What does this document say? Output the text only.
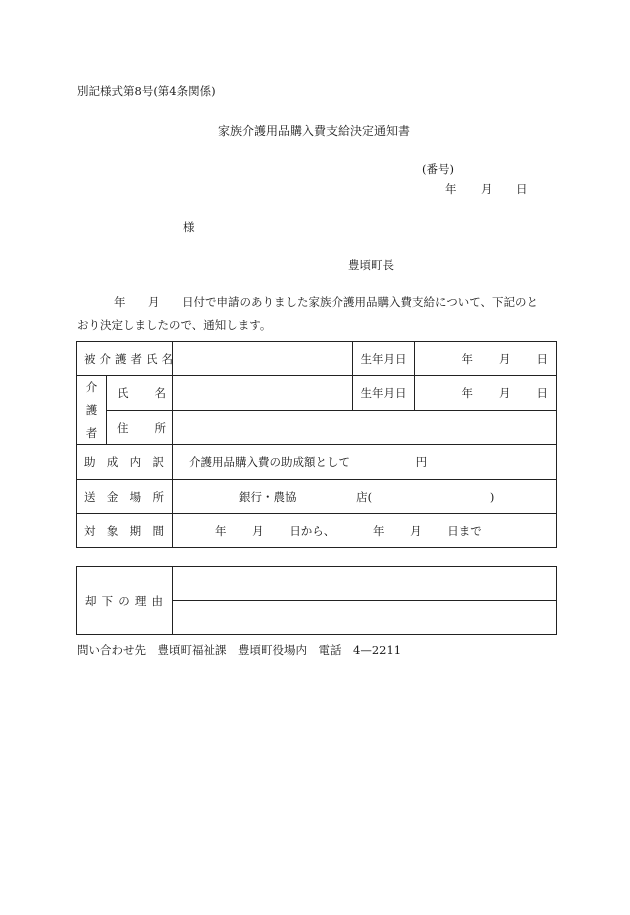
別記様式第8号(第4条関係)
家族介護用品購入費支給決定通知書
(番号)
年 月 日
様
豊頃町長
年 月 日付で申請のありました家族介護用品購入費支給について、下記のと
おり決定しましたので、通知します。
被介護者氏名			生年月日	年 月 日

介
護
者	氏 名		生年月日	年 月 日

	住 所			

助 成 内 訳		介護用品購入費の助成額として 円		

送 金 場 所		銀行・農協 店( )		

対 象 期 間		年 月 日から、 年 月 日まで		
却 下 の 理 由

問い合わせ先　豊頃町福祉課　豊頃町役場内　電話　4—2211
